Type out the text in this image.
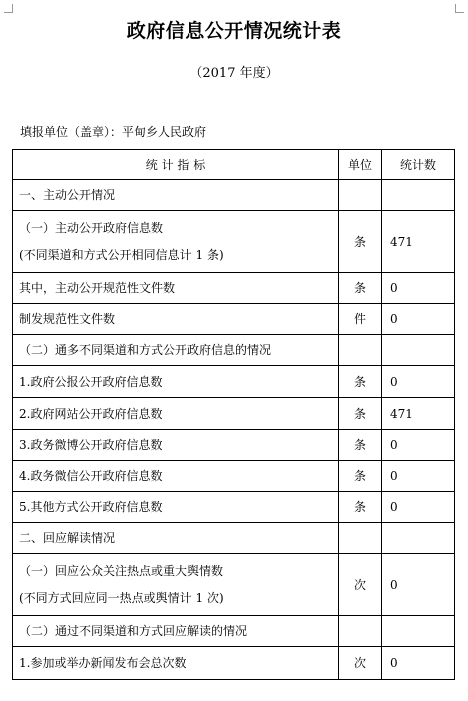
政府信息公开情况统计表
（2017 年度）
填报单位（盖章）：平甸乡人民政府
统 计 指 标	单位	统计数
一、主动公开情况		

（一）主动公开政府信息数
(不同渠道和方式公开相同信息计 1 条)	条	471
其中，主动公开规范性文件数	条	0
制发规范性文件数	件	0
（二）通多不同渠道和方式公开政府信息的情况		
1.政府公报公开政府信息数	条	0
2.政府网站公开政府信息数	条	471
3.政务微博公开政府信息数	条	0
4.政务微信公开政府信息数	条	0
5.其他方式公开政府信息数	条	0
二、回应解读情况		

（一）回应公众关注热点或重大舆情数
(不同方式回应同一热点或舆情计 1 次)	次	0
（二）通过不同渠道和方式回应解读的情况		
1.参加或举办新闻发布会总次数	次	0
